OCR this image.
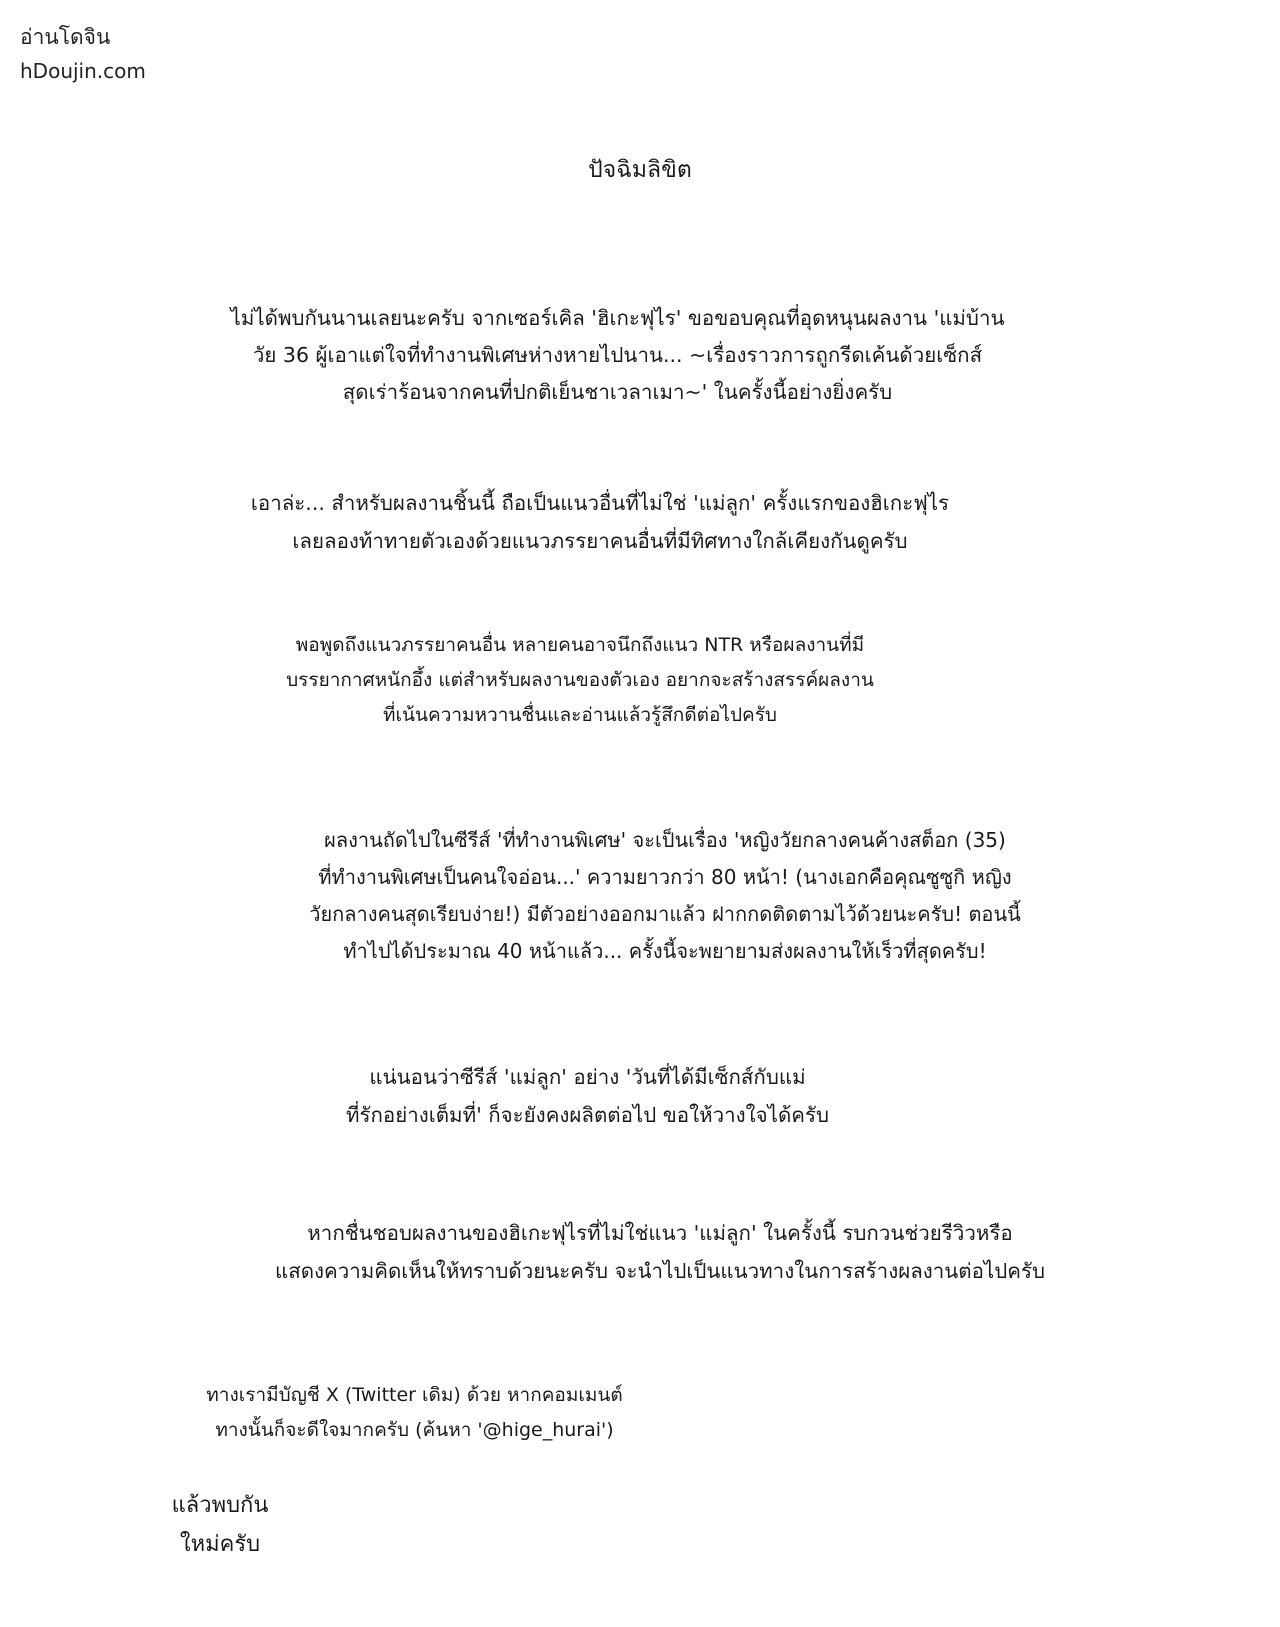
อ่านโดจิน
hDoujin.com
ปัจฉิมลิขิต
ไม่ได้พบกันนานเลยนะครับ จากเซอร์เคิล 'ฮิเกะฟุไร' ขอขอบคุณที่อุดหนุนผลงาน 'แม่บ้าน
วัย 36 ผู้เอาแต่ใจที่ทำงานพิเศษห่างหายไปนาน... ~เรื่องราวการถูกรีดเค้นด้วยเซ็กส์
สุดเร่าร้อนจากคนที่ปกติเย็นชาเวลาเมา~' ในครั้งนี้อย่างยิ่งครับ
เอาล่ะ... สำหรับผลงานชิ้นนี้ ถือเป็นแนวอื่นที่ไม่ใช่ 'แม่ลูก' ครั้งแรกของฮิเกะฟุไร
เลยลองท้าทายตัวเองด้วยแนวภรรยาคนอื่นที่มีทิศทางใกล้เคียงกันดูครับ
พอพูดถึงแนวภรรยาคนอื่น หลายคนอาจนึกถึงแนว NTR หรือผลงานที่มี
บรรยากาศหนักอึ้ง แต่สำหรับผลงานของตัวเอง อยากจะสร้างสรรค์ผลงาน
ที่เน้นความหวานชื่นและอ่านแล้วรู้สึกดีต่อไปครับ
ผลงานถัดไปในซีรีส์ 'ที่ทำงานพิเศษ' จะเป็นเรื่อง 'หญิงวัยกลางคนค้างสต็อก (35)
ที่ทำงานพิเศษเป็นคนใจอ่อน...' ความยาวกว่า 80 หน้า! (นางเอกคือคุณซูซูกิ หญิง
วัยกลางคนสุดเรียบง่าย!) มีตัวอย่างออกมาแล้ว ฝากกดติดตามไว้ด้วยนะครับ! ตอนนี้
ทำไปได้ประมาณ 40 หน้าแล้ว... ครั้งนี้จะพยายามส่งผลงานให้เร็วที่สุดครับ!
แน่นอนว่าซีรีส์ 'แม่ลูก' อย่าง 'วันที่ได้มีเซ็กส์กับแม่
ที่รักอย่างเต็มที่' ก็จะยังคงผลิตต่อไป ขอให้วางใจได้ครับ
หากชื่นชอบผลงานของฮิเกะฟุไรที่ไม่ใช่แนว 'แม่ลูก' ในครั้งนี้ รบกวนช่วยรีวิวหรือ
แสดงความคิดเห็นให้ทราบด้วยนะครับ จะนำไปเป็นแนวทางในการสร้างผลงานต่อไปครับ
ทางเรามีบัญชี X (Twitter เดิม) ด้วย หากคอมเมนต์
ทางนั้นก็จะดีใจมากครับ (ค้นหา '@hige_hurai')
แล้วพบกัน
ใหม่ครับ
